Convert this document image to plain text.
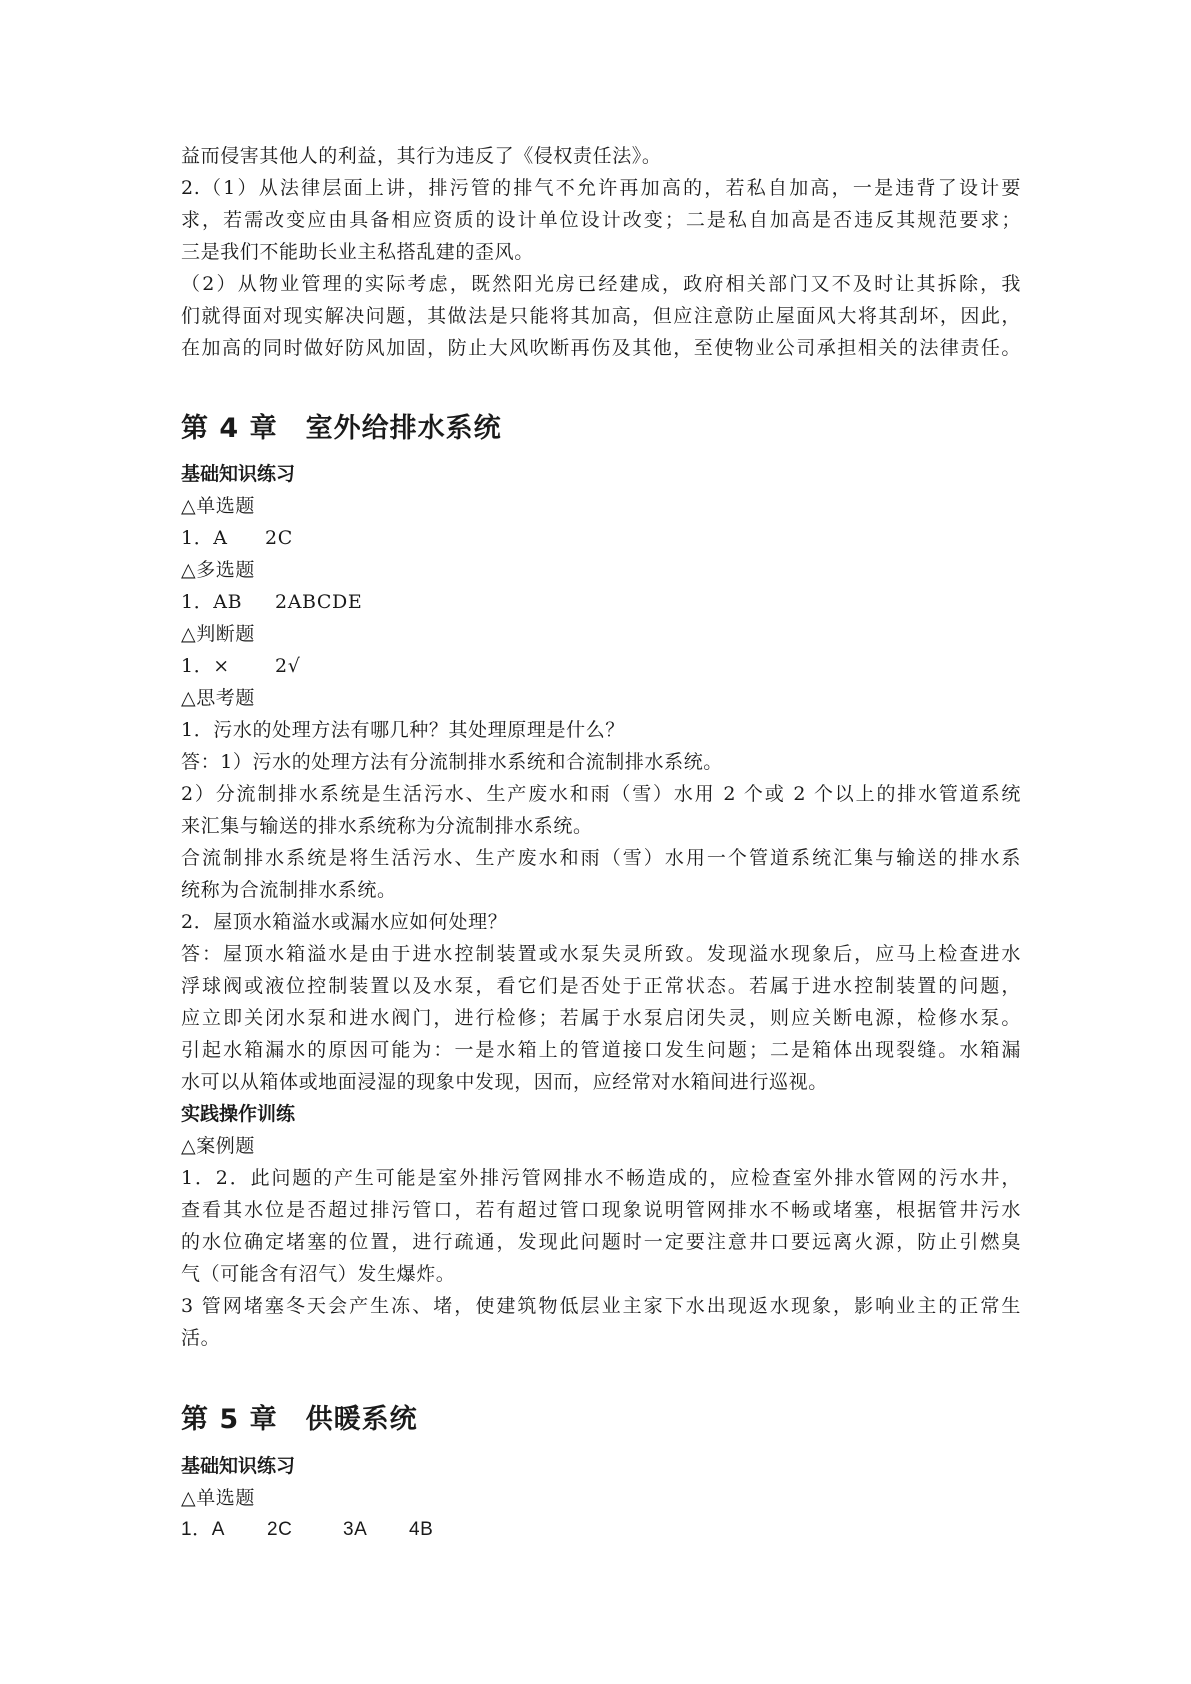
益而侵害其他人的利益，其行为违反了《侵权责任法》。
2.（1）从法律层面上讲，排污管的排气不允许再加高的，若私自加高，一是违背了设计要
求，若需改变应由具备相应资质的设计单位设计改变；二是私自加高是否违反其规范要求；
三是我们不能助长业主私搭乱建的歪风。
（2）从物业管理的实际考虑，既然阳光房已经建成，政府相关部门又不及时让其拆除，我
们就得面对现实解决问题，其做法是只能将其加高，但应注意防止屋面风大将其刮坏，因此，
在加高的同时做好防风加固，防止大风吹断再伤及其他，至使物业公司承担相关的法律责任。
第 4 章　室外给排水系统
基础知识练习
△单选题
1．A 2C
△多选题
1．AB 2ABCDE
△判断题
1．× 2√
△思考题
1．污水的处理方法有哪几种？其处理原理是什么？
答：1）污水的处理方法有分流制排水系统和合流制排水系统。
2）分流制排水系统是生活污水、生产废水和雨（雪）水用 2 个或 2 个以上的排水管道系统
来汇集与输送的排水系统称为分流制排水系统。
合流制排水系统是将生活污水、生产废水和雨（雪）水用一个管道系统汇集与输送的排水系
统称为合流制排水系统。
2．屋顶水箱溢水或漏水应如何处理？
答：屋顶水箱溢水是由于进水控制装置或水泵失灵所致。发现溢水现象后，应马上检查进水
浮球阀或液位控制装置以及水泵，看它们是否处于正常状态。若属于进水控制装置的问题，
应立即关闭水泵和进水阀门，进行检修；若属于水泵启闭失灵，则应关断电源，检修水泵。
引起水箱漏水的原因可能为：一是水箱上的管道接口发生问题；二是箱体出现裂缝。水箱漏
水可以从箱体或地面浸湿的现象中发现，因而，应经常对水箱间进行巡视。
实践操作训练
△案例题
1．2．此问题的产生可能是室外排污管网排水不畅造成的，应检查室外排水管网的污水井，
查看其水位是否超过排污管口，若有超过管口现象说明管网排水不畅或堵塞，根据管井污水
的水位确定堵塞的位置，进行疏通，发现此问题时一定要注意井口要远离火源，防止引燃臭
气（可能含有沼气）发生爆炸。
3 管网堵塞冬天会产生冻、堵，使建筑物低层业主家下水出现返水现象，影响业主的正常生
活。
第 5 章　供暖系统
基础知识练习
△单选题
1．A 2C	3A 4B
